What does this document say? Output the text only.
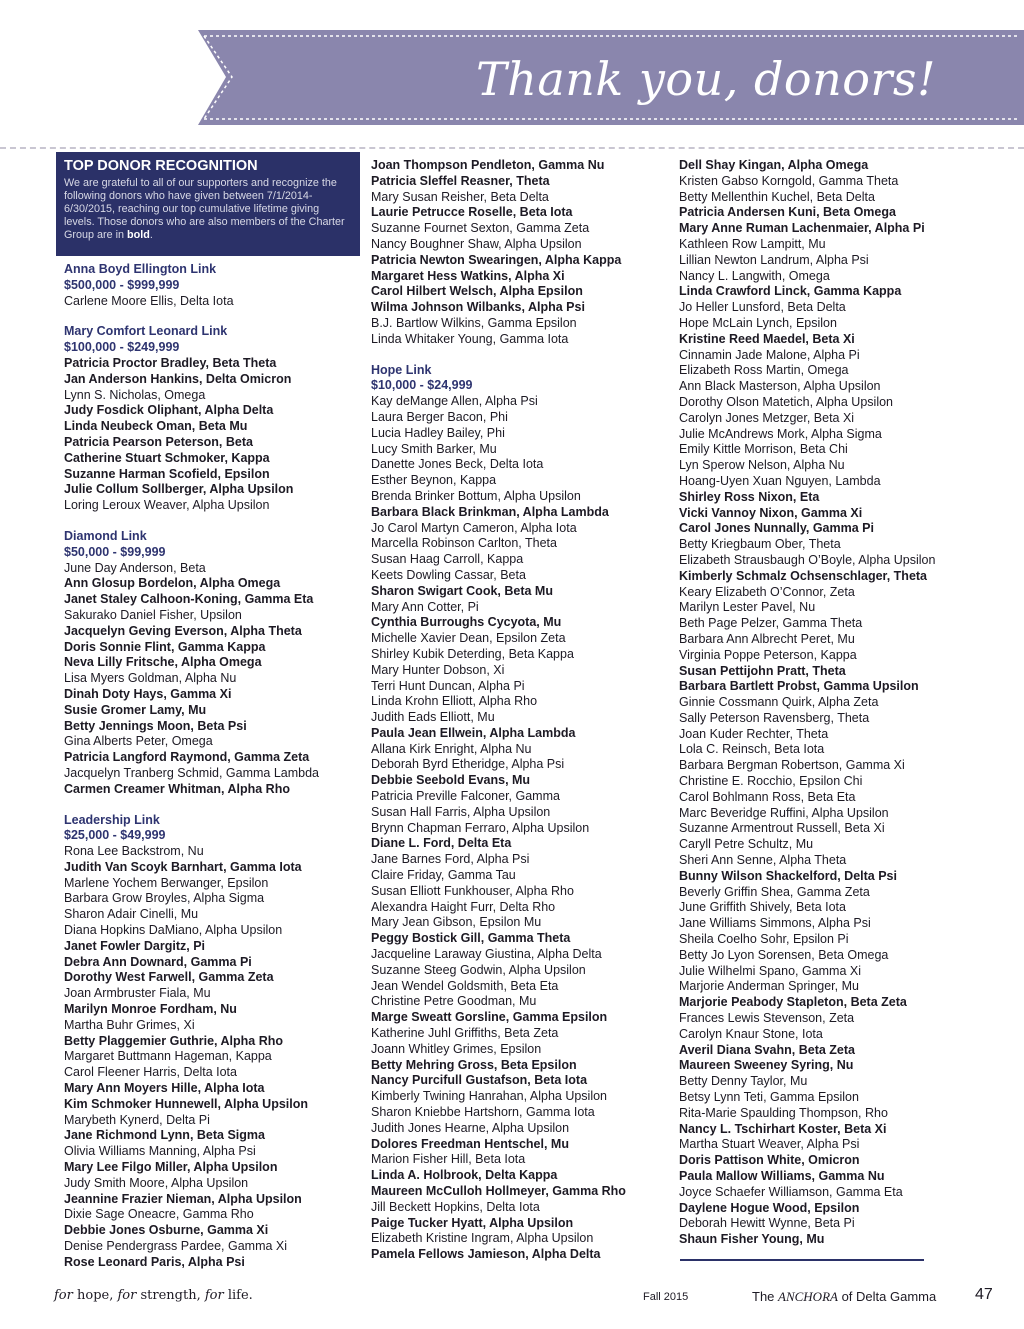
Thank you, donors!
TOP DONOR RECOGNITION

We are grateful to all of our supporters and recognize the following donors who have given between 7/1/2014-6/30/2015, reaching our top cumulative lifetime giving levels. Those donors who are also members of the Charter Group are in bold.

Anna Boyd Ellington Link
$500,000 - $999,999
Carlene Moore Ellis, Delta Iota
Mary Comfort Leonard Link
$100,000 - $249,999
Patricia Proctor Bradley, Beta Theta
Jan Anderson Hankins, Delta Omicron
Lynn S. Nicholas, Omega
Judy Fosdick Oliphant, Alpha Delta
Linda Neubeck Oman, Beta Mu
Patricia Pearson Peterson, Beta
Catherine Stuart Schmoker, Kappa
Suzanne Harman Scofield, Epsilon
Julie Collum Sollberger, Alpha Upsilon
Loring Leroux Weaver, Alpha Upsilon
Diamond Link
$50,000 - $99,999
June Day Anderson, Beta
Ann Glosup Bordelon, Alpha Omega
Janet Staley Calhoon-Koning, Gamma Eta
Sakurako Daniel Fisher, Upsilon
Jacquelyn Geving Everson, Alpha Theta
Doris Sonnie Flint, Gamma Kappa
Neva Lilly Fritsche, Alpha Omega
Lisa Myers Goldman, Alpha Nu
Dinah Doty Hays, Gamma Xi
Susie Gromer Lamy, Mu
Betty Jennings Moon, Beta Psi
Gina Alberts Peter, Omega
Patricia Langford Raymond, Gamma Zeta
Jacquelyn Tranberg Schmid, Gamma Lambda
Carmen Creamer Whitman, Alpha Rho
Leadership Link
$25,000 - $49,999
Rona Lee Backstrom, Nu
Judith Van Scoyk Barnhart, Gamma Iota
Marlene Yochem Berwanger, Epsilon
Barbara Grow Broyles, Alpha Sigma
Sharon Adair Cinelli, Mu
Diana Hopkins DaMiano, Alpha Upsilon
Janet Fowler Dargitz, Pi
Debra Ann Downard, Gamma Pi
Dorothy West Farwell, Gamma Zeta
Joan Armbruster Fiala, Mu
Marilyn Monroe Fordham, Nu
Martha Buhr Grimes, Xi
Betty Plaggemier Guthrie, Alpha Rho
Margaret Buttmann Hageman, Kappa
Carol Fleener Harris, Delta Iota
Mary Ann Moyers Hille, Alpha Iota
Kim Schmoker Hunnewell, Alpha Upsilon
Marybeth Kynerd, Delta Pi
Jane Richmond Lynn, Beta Sigma
Olivia Williams Manning, Alpha Psi
Mary Lee Filgo Miller, Alpha Upsilon
Judy Smith Moore, Alpha Upsilon
Jeannine Frazier Nieman, Alpha Upsilon
Dixie Sage Oneacre, Gamma Rho
Debbie Jones Osburne, Gamma Xi
Denise Pendergrass Pardee, Gamma Xi
Rose Leonard Paris, Alpha Psi
Joan Thompson Pendleton, Gamma Nu
Patricia Sleffel Reasner, Theta
Mary Susan Reisher, Beta Delta
Laurie Petrucce Roselle, Beta Iota
Suzanne Fournet Sexton, Gamma Zeta
Nancy Boughner Shaw, Alpha Upsilon
Patricia Newton Swearingen, Alpha Kappa
Margaret Hess Watkins, Alpha Xi
Carol Hilbert Welsch, Alpha Epsilon
Wilma Johnson Wilbanks, Alpha Psi
B.J. Bartlow Wilkins, Gamma Epsilon
Linda Whitaker Young, Gamma Iota
Hope Link
$10,000 - $24,999
Kay deMange Allen, Alpha Psi
Laura Berger Bacon, Phi
Lucia Hadley Bailey, Phi
Lucy Smith Barker, Mu
Danette Jones Beck, Delta Iota
Esther Beynon, Kappa
Brenda Brinker Bottum, Alpha Upsilon
Barbara Black Brinkman, Alpha Lambda
Jo Carol Martyn Cameron, Alpha Iota
Marcella Robinson Carlton, Theta
Susan Haag Carroll, Kappa
Keets Dowling Cassar, Beta
Sharon Swigart Cook, Beta Mu
Mary Ann Cotter, Pi
Cynthia Burroughs Cycyota, Mu
Michelle Xavier Dean, Epsilon Zeta
Shirley Kubik Deterding, Beta Kappa
Mary Hunter Dobson, Xi
Terri Hunt Duncan, Alpha Pi
Linda Krohn Elliott, Alpha Rho
Judith Eads Elliott, Mu
Paula Jean Ellwein, Alpha Lambda
Allana Kirk Enright, Alpha Nu
Deborah Byrd Etheridge, Alpha Psi
Debbie Seebold Evans, Mu
Patricia Preville Falconer, Gamma
Susan Hall Farris, Alpha Upsilon
Brynn Chapman Ferraro, Alpha Upsilon
Diane L. Ford, Delta Eta
Jane Barnes Ford, Alpha Psi
Claire Friday, Gamma Tau
Susan Elliott Funkhouser, Alpha Rho
Alexandra Haight Furr, Delta Rho
Mary Jean Gibson, Epsilon Mu
Peggy Bostick Gill, Gamma Theta
Jacqueline Laraway Giustina, Alpha Delta
Suzanne Steeg Godwin, Alpha Upsilon
Jean Wendel Goldsmith, Beta Eta
Christine Petre Goodman, Mu
Marge Sweatt Gorsline, Gamma Epsilon
Katherine Juhl Griffiths, Beta Zeta
Joann Whitley Grimes, Epsilon
Betty Mehring Gross, Beta Epsilon
Nancy Purcifull Gustafson, Beta Iota
Kimberly Twining Hanrahan, Alpha Upsilon
Sharon Kniebbe Hartshorn, Gamma Iota
Judith Jones Hearne, Alpha Upsilon
Dolores Freedman Hentschel, Mu
Marion Fisher Hill, Beta Iota
Linda A. Holbrook, Delta Kappa
Maureen McCulloh Hollmeyer, Gamma Rho
Jill Beckett Hopkins, Delta Iota
Paige Tucker Hyatt, Alpha Upsilon
Elizabeth Kristine Ingram, Alpha Upsilon
Pamela Fellows Jamieson, Alpha Delta
Dell Shay Kingan, Alpha Omega
Kristen Gabso Korngold, Gamma Theta
Betty Mellenthin Kuchel, Beta Delta
Patricia Andersen Kuni, Beta Omega
Mary Anne Ruman Lachenmaier, Alpha Pi
Kathleen Row Lampitt, Mu
Lillian Newton Landrum, Alpha Psi
Nancy L. Langwith, Omega
Linda Crawford Linck, Gamma Kappa
Jo Heller Lunsford, Beta Delta
Hope McLain Lynch, Epsilon
Kristine Reed Maedel, Beta Xi
Cinnamin Jade Malone, Alpha Pi
Elizabeth Ross Martin, Omega
Ann Black Masterson, Alpha Upsilon
Dorothy Olson Matetich, Alpha Upsilon
Carolyn Jones Metzger, Beta Xi
Julie McAndrews Mork, Alpha Sigma
Emily Kittle Morrison, Beta Chi
Lyn Sperow Nelson, Alpha Nu
Hoang-Uyen Xuan Nguyen, Lambda
Shirley Ross Nixon, Eta
Vicki Vannoy Nixon, Gamma Xi
Carol Jones Nunnally, Gamma Pi
Betty Kriegbaum Ober, Theta
Elizabeth Strausbaugh O’Boyle, Alpha Upsilon
Kimberly Schmalz Ochsenschlager, Theta
Keary Elizabeth O’Connor, Zeta
Marilyn Lester Pavel, Nu
Beth Page Pelzer, Gamma Theta
Barbara Ann Albrecht Peret, Mu
Virginia Poppe Peterson, Kappa
Susan Pettijohn Pratt, Theta
Barbara Bartlett Probst, Gamma Upsilon
Ginnie Cossmann Quirk, Alpha Zeta
Sally Peterson Ravensberg, Theta
Joan Kuder Rechter, Theta
Lola C. Reinsch, Beta Iota
Barbara Bergman Robertson, Gamma Xi
Christine E. Rocchio, Epsilon Chi
Carol Bohlmann Ross, Beta Eta
Marc Beveridge Ruffini, Alpha Upsilon
Suzanne Armentrout Russell, Beta Xi
Caryll Petre Schultz, Mu
Sheri Ann Senne, Alpha Theta
Bunny Wilson Shackelford, Delta Psi
Beverly Griffin Shea, Gamma Zeta
June Griffith Shively, Beta Iota
Jane Williams Simmons, Alpha Psi
Sheila Coelho Sohr, Epsilon Pi
Betty Jo Lyon Sorensen, Beta Omega
Julie Wilhelmi Spano, Gamma Xi
Marjorie Anderman Springer, Mu
Marjorie Peabody Stapleton, Beta Zeta
Frances Lewis Stevenson, Zeta
Carolyn Knaur Stone, Iota
Averil Diana Svahn, Beta Zeta
Maureen Sweeney Syring, Nu
Betty Denny Taylor, Mu
Betsy Lynn Teti, Gamma Epsilon
Rita-Marie Spaulding Thompson, Rho
Nancy L. Tschirhart Koster, Beta Xi
Martha Stuart Weaver, Alpha Psi
Doris Pattison White, Omicron
Paula Mallow Williams, Gamma Nu
Joyce Schaefer Williamson, Gamma Eta
Daylene Hogue Wood, Epsilon
Deborah Hewitt Wynne, Beta Pi
Shaun Fisher Young, Mu
for hope, for strength, for life.	Fall 2015	The ANCHORA of Delta Gamma 47
